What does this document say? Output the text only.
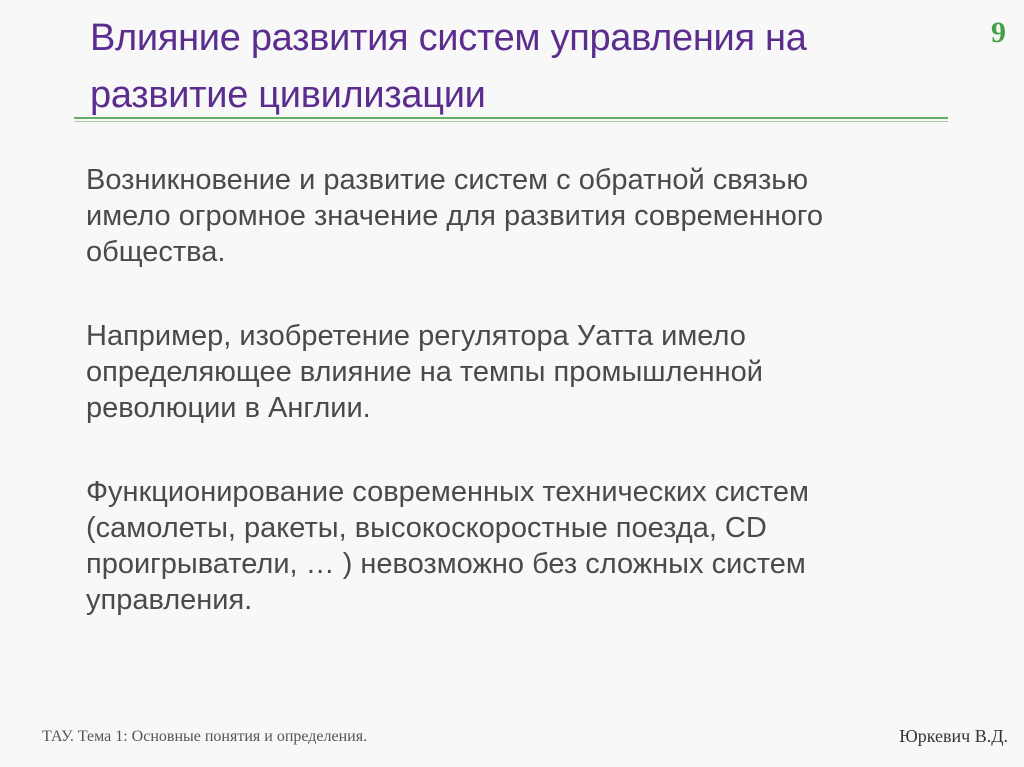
Влияние развития систем управления на развитие цивилизации
9

Возникновение и развитие систем с обратной связью имело огромное значение для развития современного общества.

Например, изобретение регулятора Уатта имело определяющее влияние на темпы промышленной революции в Англии.

Функционирование современных технических систем (самолеты, ракеты, высокоскоростные поезда, CD проигрыватели, … ) невозможно без сложных систем управления.

ТАУ. Тема 1: Основные понятия и определения.	Юркевич В.Д.
